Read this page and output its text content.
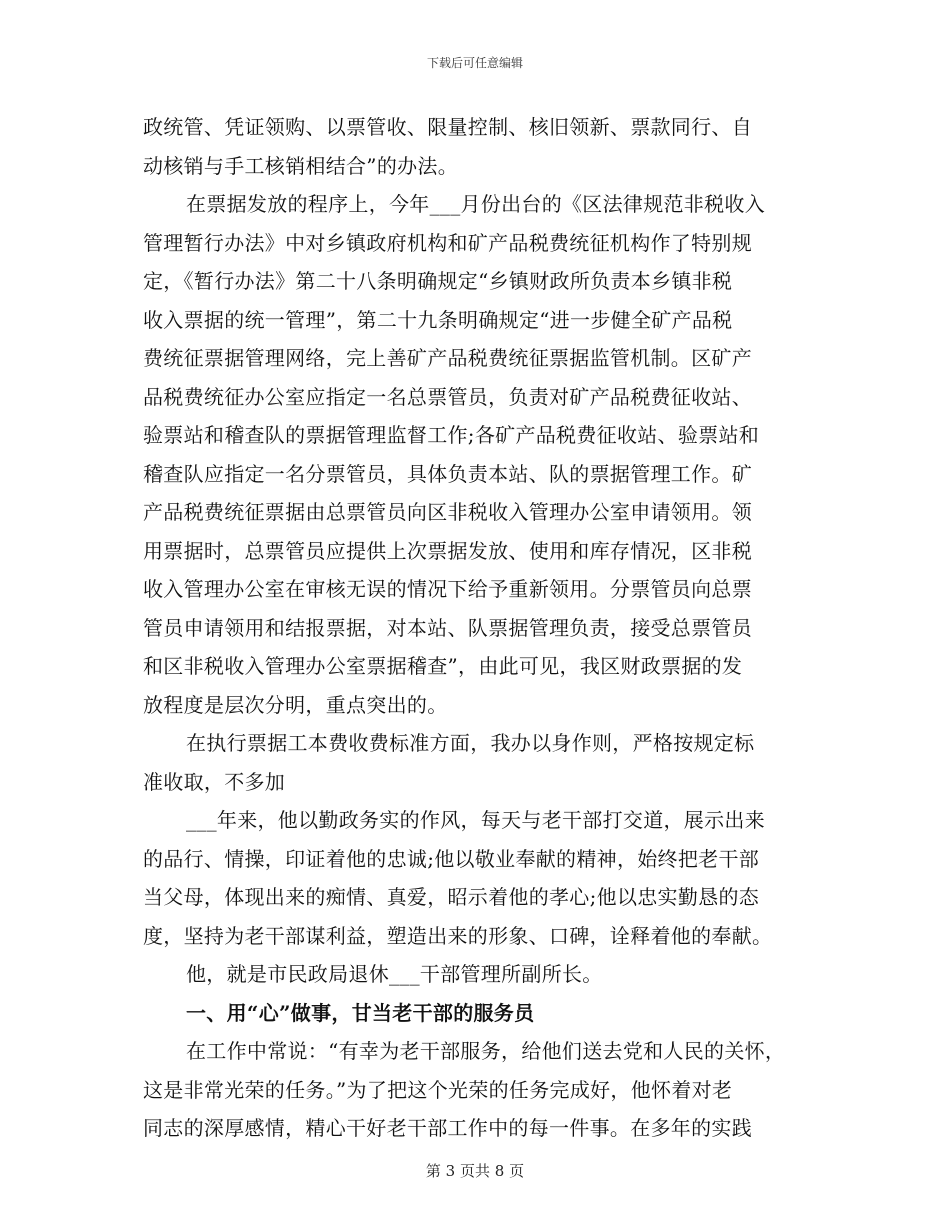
下载后可任意编辑
政统管、凭证领购、以票管收、限量控制、核旧领新、票款同行、自
动核销与手工核销相结合”的办法。
在票据发放的程序上，今年___月份出台的《区法律规范非税收入
管理暂行办法》中对乡镇政府机构和矿产品税费统征机构作了特别规
定，《暂行办法》第二十八条明确规定“乡镇财政所负责本乡镇非税
收入票据的统一管理”，第二十九条明确规定“进一步健全矿产品税
费统征票据管理网络，完上善矿产品税费统征票据监管机制。区矿产
品税费统征办公室应指定一名总票管员，负责对矿产品税费征收站、
验票站和稽查队的票据管理监督工作;各矿产品税费征收站、验票站和
稽查队应指定一名分票管员，具体负责本站、队的票据管理工作。矿
产品税费统征票据由总票管员向区非税收入管理办公室申请领用。领
用票据时，总票管员应提供上次票据发放、使用和库存情况，区非税
收入管理办公室在审核无误的情况下给予重新领用。分票管员向总票
管员申请领用和结报票据，对本站、队票据管理负责，接受总票管员
和区非税收入管理办公室票据稽查”，由此可见，我区财政票据的发
放程度是层次分明，重点突出的。
在执行票据工本费收费标准方面，我办以身作则，严格按规定标
准收取，不多加
___年来，他以勤政务实的作风，每天与老干部打交道，展示出来
的品行、情操，印证着他的忠诚;他以敬业奉献的精神，始终把老干部
当父母，体现出来的痴情、真爱，昭示着他的孝心;他以忠实勤恳的态
度，坚持为老干部谋利益，塑造出来的形象、口碑，诠释着他的奉献。
他，就是市民政局退休___干部管理所副所长。
一、用“心”做事，甘当老干部的服务员
在工作中常说：“有幸为老干部服务，给他们送去党和人民的关怀，
这是非常光荣的任务。”为了把这个光荣的任务完成好，他怀着对老
同志的深厚感情，精心干好老干部工作中的每一件事。在多年的实践
第 3 页共 8 页
